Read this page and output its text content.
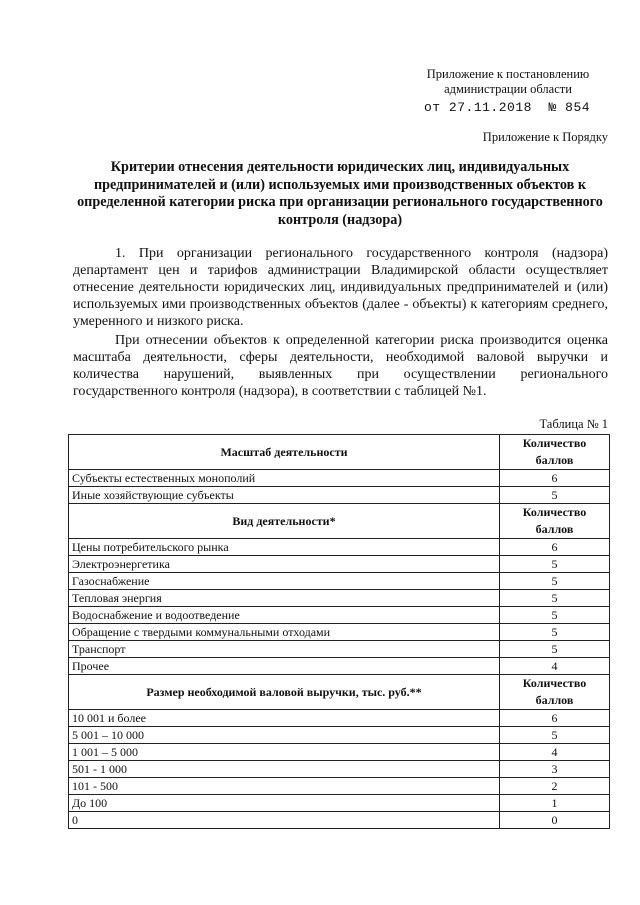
Приложение к постановлению
администрации области
от 27.11.2018 № 854
Приложение к Порядку
Критерии отнесения деятельности юридических лиц, индивидуальных предпринимателей и (или) используемых ими производственных объектов к определенной категории риска при организации регионального государственного контроля (надзора)
1. При организации регионального государственного контроля (надзора) департамент цен и тарифов администрации Владимирской области осуществляет отнесение деятельности юридических лиц, индивидуальных предпринимателей и (или) используемых ими производственных объектов (далее - объекты) к категориям среднего, умеренного и низкого риска.
При отнесении объектов к определенной категории риска производится оценка масштаба деятельности, сферы деятельности, необходимой валовой выручки и количества нарушений, выявленных при осуществлении регионального государственного контроля (надзора), в соответствии с таблицей №1.
Таблица № 1
Масштаб деятельности	Количество баллов
Субъекты естественных монополий	6
Иные хозяйствующие субъекты	5
Вид деятельности*	Количество баллов
Цены потребительского рынка	6
Электроэнергетика	5
Газоснабжение	5
Тепловая энергия	5
Водоснабжение и водоотведение	5
Обращение с твердыми коммунальными отходами	5
Транспорт	5
Прочее	4
Размер необходимой валовой выручки, тыс. руб.**	Количество баллов
10 001 и более	6
5 001 – 10 000	5
1 001 – 5 000	4
501 - 1 000	3
101 - 500	2
До 100	1
0	0
